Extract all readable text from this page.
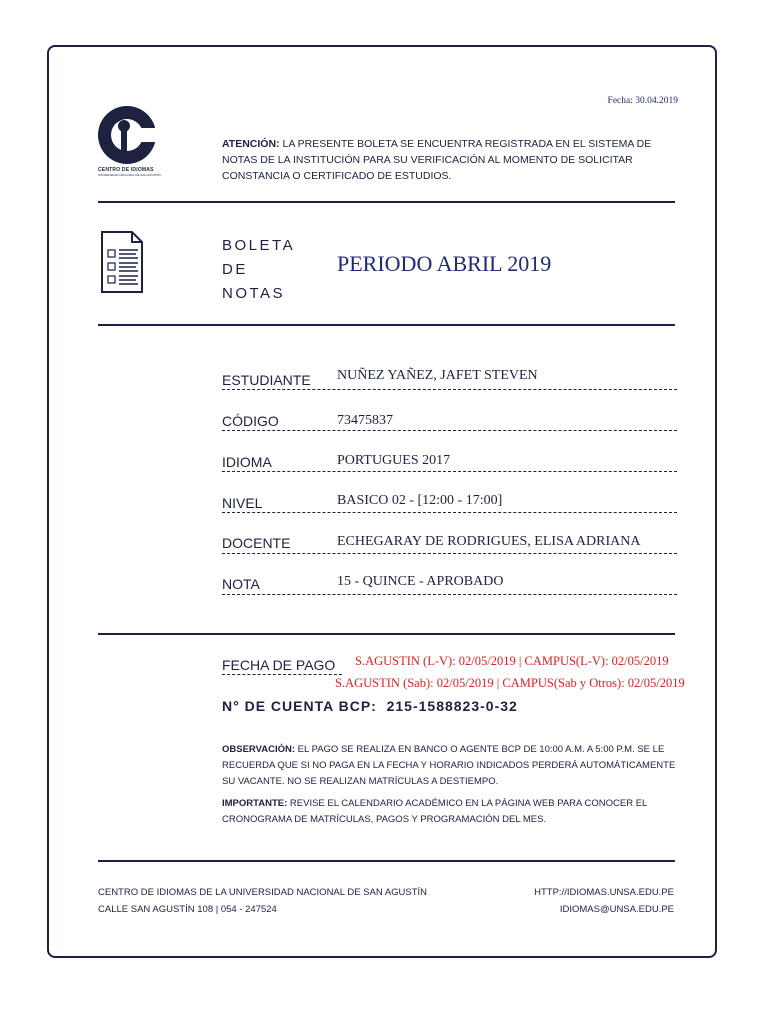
Fecha: 30.04.2019
CENTRO DE IDIOMAS
UNIVERSIDAD NACIONAL DE SAN AGUSTÍN
ATENCIÓN: LA PRESENTE BOLETA SE ENCUENTRA REGISTRADA EN EL SISTEMA DE NOTAS DE LA INSTITUCIÓN PARA SU VERIFICACIÓN AL MOMENTO DE SOLICITAR CONSTANCIA O CERTIFICADO DE ESTUDIOS.
BOLETA
DE
NOTAS
PERIODO ABRIL 2019
ESTUDIANTE NUÑEZ YAÑEZ, JAFET STEVEN
CÓDIGO	73475837
IDIOMA	PORTUGUES 2017
NIVEL	BASICO 02 - [12:00 - 17:00]
DOCENTE	ECHEGARAY DE RODRIGUES, ELISA ADRIANA
NOTA	15 - QUINCE - APROBADO
FECHA DE PAGO S.AGUSTIN (L-V): 02/05/2019 | CAMPUS(L-V): 02/05/2019
S.AGUSTIN (Sab): 02/05/2019 | CAMPUS(Sab y Otros): 02/05/2019
N° DE CUENTA BCP: 215-1588823-0-32
OBSERVACIÓN: EL PAGO SE REALIZA EN BANCO O AGENTE BCP DE 10:00 A.M. A 5:00 P.M. SE LE RECUERDA QUE SI NO PAGA EN LA FECHA Y HORARIO INDICADOS PERDERÁ AUTOMÁTICAMENTE SU VACANTE. NO SE REALIZAN MATRÍCULAS A DESTIEMPO.
IMPORTANTE: REVISE EL CALENDARIO ACADÉMICO EN LA PÁGINA WEB PARA CONOCER EL CRONOGRAMA DE MATRÍCULAS, PAGOS Y PROGRAMACIÓN DEL MES.
CENTRO DE IDIOMAS DE LA UNIVERSIDAD NACIONAL DE SAN AGUSTÍN
CALLE SAN AGUSTÍN 108 | 054 - 247524
HTTP://IDIOMAS.UNSA.EDU.PE
IDIOMAS@UNSA.EDU.PE
